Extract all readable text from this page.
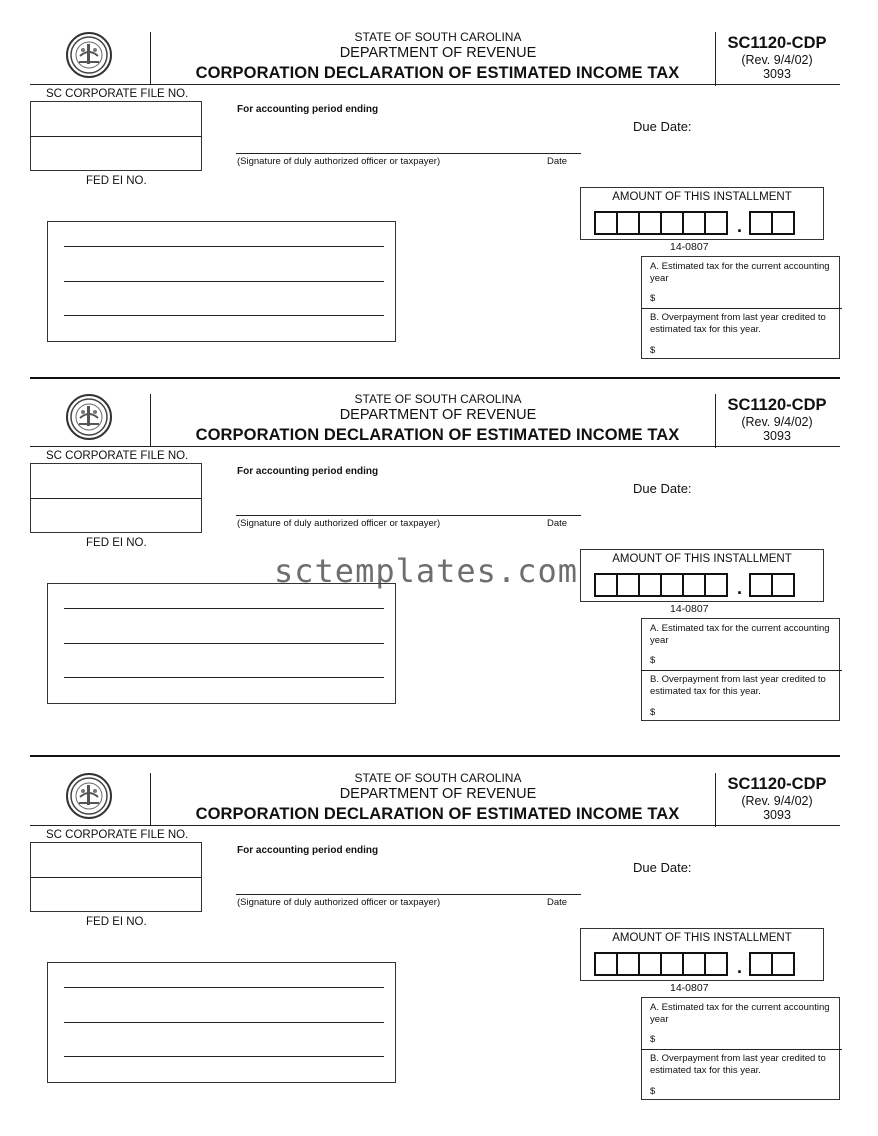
STATE OF SOUTH CAROLINA
DEPARTMENT OF REVENUE
CORPORATION DECLARATION OF ESTIMATED INCOME TAX
SC1120-CDP
(Rev. 9/4/02)
3093
SC CORPORATE FILE NO.
FED EI NO.
For accounting period ending
(Signature of duly authorized officer or taxpayer)	Date
Due Date:
AMOUNT OF THIS INSTALLMENT
.
14-0807
A. Estimated tax for the current accounting year
$
B. Overpayment from last year credited to estimated tax for this year.
$
STATE OF SOUTH CAROLINA
DEPARTMENT OF REVENUE
CORPORATION DECLARATION OF ESTIMATED INCOME TAX
SC1120-CDP
(Rev. 9/4/02)
3093
SC CORPORATE FILE NO.
FED EI NO.
For accounting period ending
(Signature of duly authorized officer or taxpayer)	Date
Due Date:
AMOUNT OF THIS INSTALLMENT
.
14-0807
A. Estimated tax for the current accounting year
$
B. Overpayment from last year credited to estimated tax for this year.
$
STATE OF SOUTH CAROLINA
DEPARTMENT OF REVENUE
CORPORATION DECLARATION OF ESTIMATED INCOME TAX
SC1120-CDP
(Rev. 9/4/02)
3093
SC CORPORATE FILE NO.
FED EI NO.
For accounting period ending
(Signature of duly authorized officer or taxpayer)	Date
Due Date:
AMOUNT OF THIS INSTALLMENT
.
14-0807
A. Estimated tax for the current accounting year
$
B. Overpayment from last year credited to estimated tax for this year.
$
sctemplates.com
